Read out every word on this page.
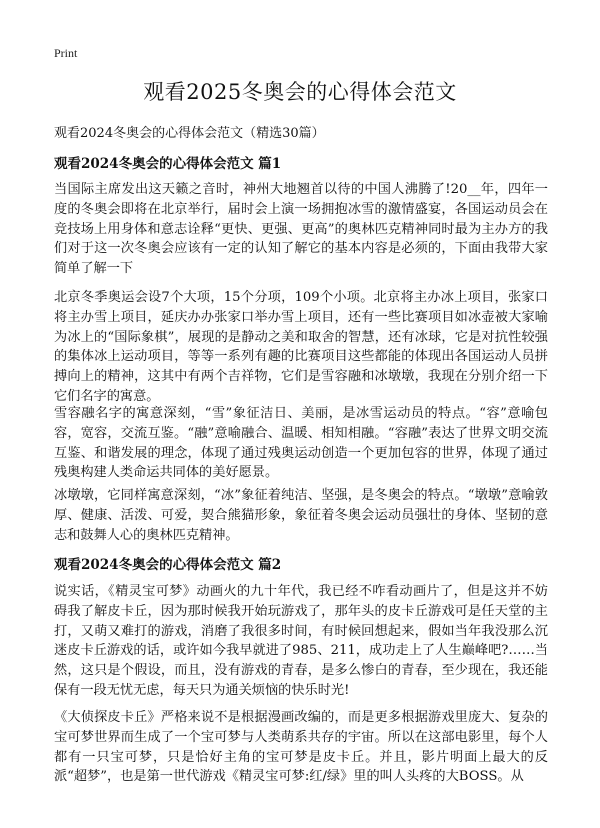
Print
观看2025冬奥会的心得体会范文

观看2024冬奥会的心得体会范文（精选30篇）

观看2024冬奥会的心得体会范文 篇1

当国际主席发出这天籁之音时，神州大地翘首以待的中国人沸腾了!20__年，四年一度的冬奥会即将在北京举行，届时会上演一场拥抱冰雪的激情盛宴，各国运动员会在竞技场上用身体和意志诠释“更快、更强、更高”的奥林匹克精神同时最为主办方的我们对于这一次冬奥会应该有一定的认知了解它的基本内容是必须的，下面由我带大家简单了解一下

北京冬季奥运会设7个大项，15个分项，109个小项。北京将主办冰上项目，张家口将主办雪上项目，延庆办办张家口举办雪上项目，还有一些比赛项目如冰壶被大家喻为冰上的“国际象棋”，展现的是静动之美和取舍的智慧，还有冰球，它是对抗性较强的集体冰上运动项目，等等一系列有趣的比赛项目这些都能的体现出各国运动人员拼搏向上的精神，这其中有两个吉祥物，它们是雪容融和冰墩墩，我现在分别介绍一下它们名字的寓意。

雪容融名字的寓意深刻，“雪”象征洁日、美丽，是冰雪运动员的特点。“容”意喻包容，宽容，交流互鉴。“融”意喻融合、温暖、相知相融。“容融”表达了世界文明交流互鉴、和谐发展的理念，体现了通过残奥运动创造一个更加包容的世界，体现了通过残奥构建人类命运共同体的美好愿景。

冰墩墩，它同样寓意深刻，“冰”象征着纯洁、坚强，是冬奥会的特点。“墩墩”意喻敦厚、健康、活泼、可爱，契合熊猫形象，象征着冬奥会运动员强壮的身体、坚韧的意志和鼓舞人心的奥林匹克精神。

观看2024冬奥会的心得体会范文 篇2

说实话，《精灵宝可梦》动画火的九十年代，我已经不咋看动画片了，但是这并不妨碍我了解皮卡丘，因为那时候我开始玩游戏了，那年头的皮卡丘游戏可是任天堂的主打，又萌又难打的游戏，消磨了我很多时间，有时候回想起来，假如当年我没那么沉迷皮卡丘游戏的话，或许如今我早就进了985、211，成功走上了人生巅峰吧?……当然，这只是个假设，而且，没有游戏的青春，是多么惨白的青春，至少现在，我还能保有一段无忧无虑，每天只为通关烦恼的快乐时光!

《大侦探皮卡丘》严格来说不是根据漫画改编的，而是更多根据游戏里庞大、复杂的宝可梦世界而生成了一个宝可梦与人类萌系共存的宇宙。所以在这部电影里，每个人都有一只宝可梦，只是恰好主角的宝可梦是皮卡丘。并且，影片明面上最大的反派“超梦”，也是第一世代游戏《精灵宝可梦:红/绿》里的叫人头疼的大BOSS。从
